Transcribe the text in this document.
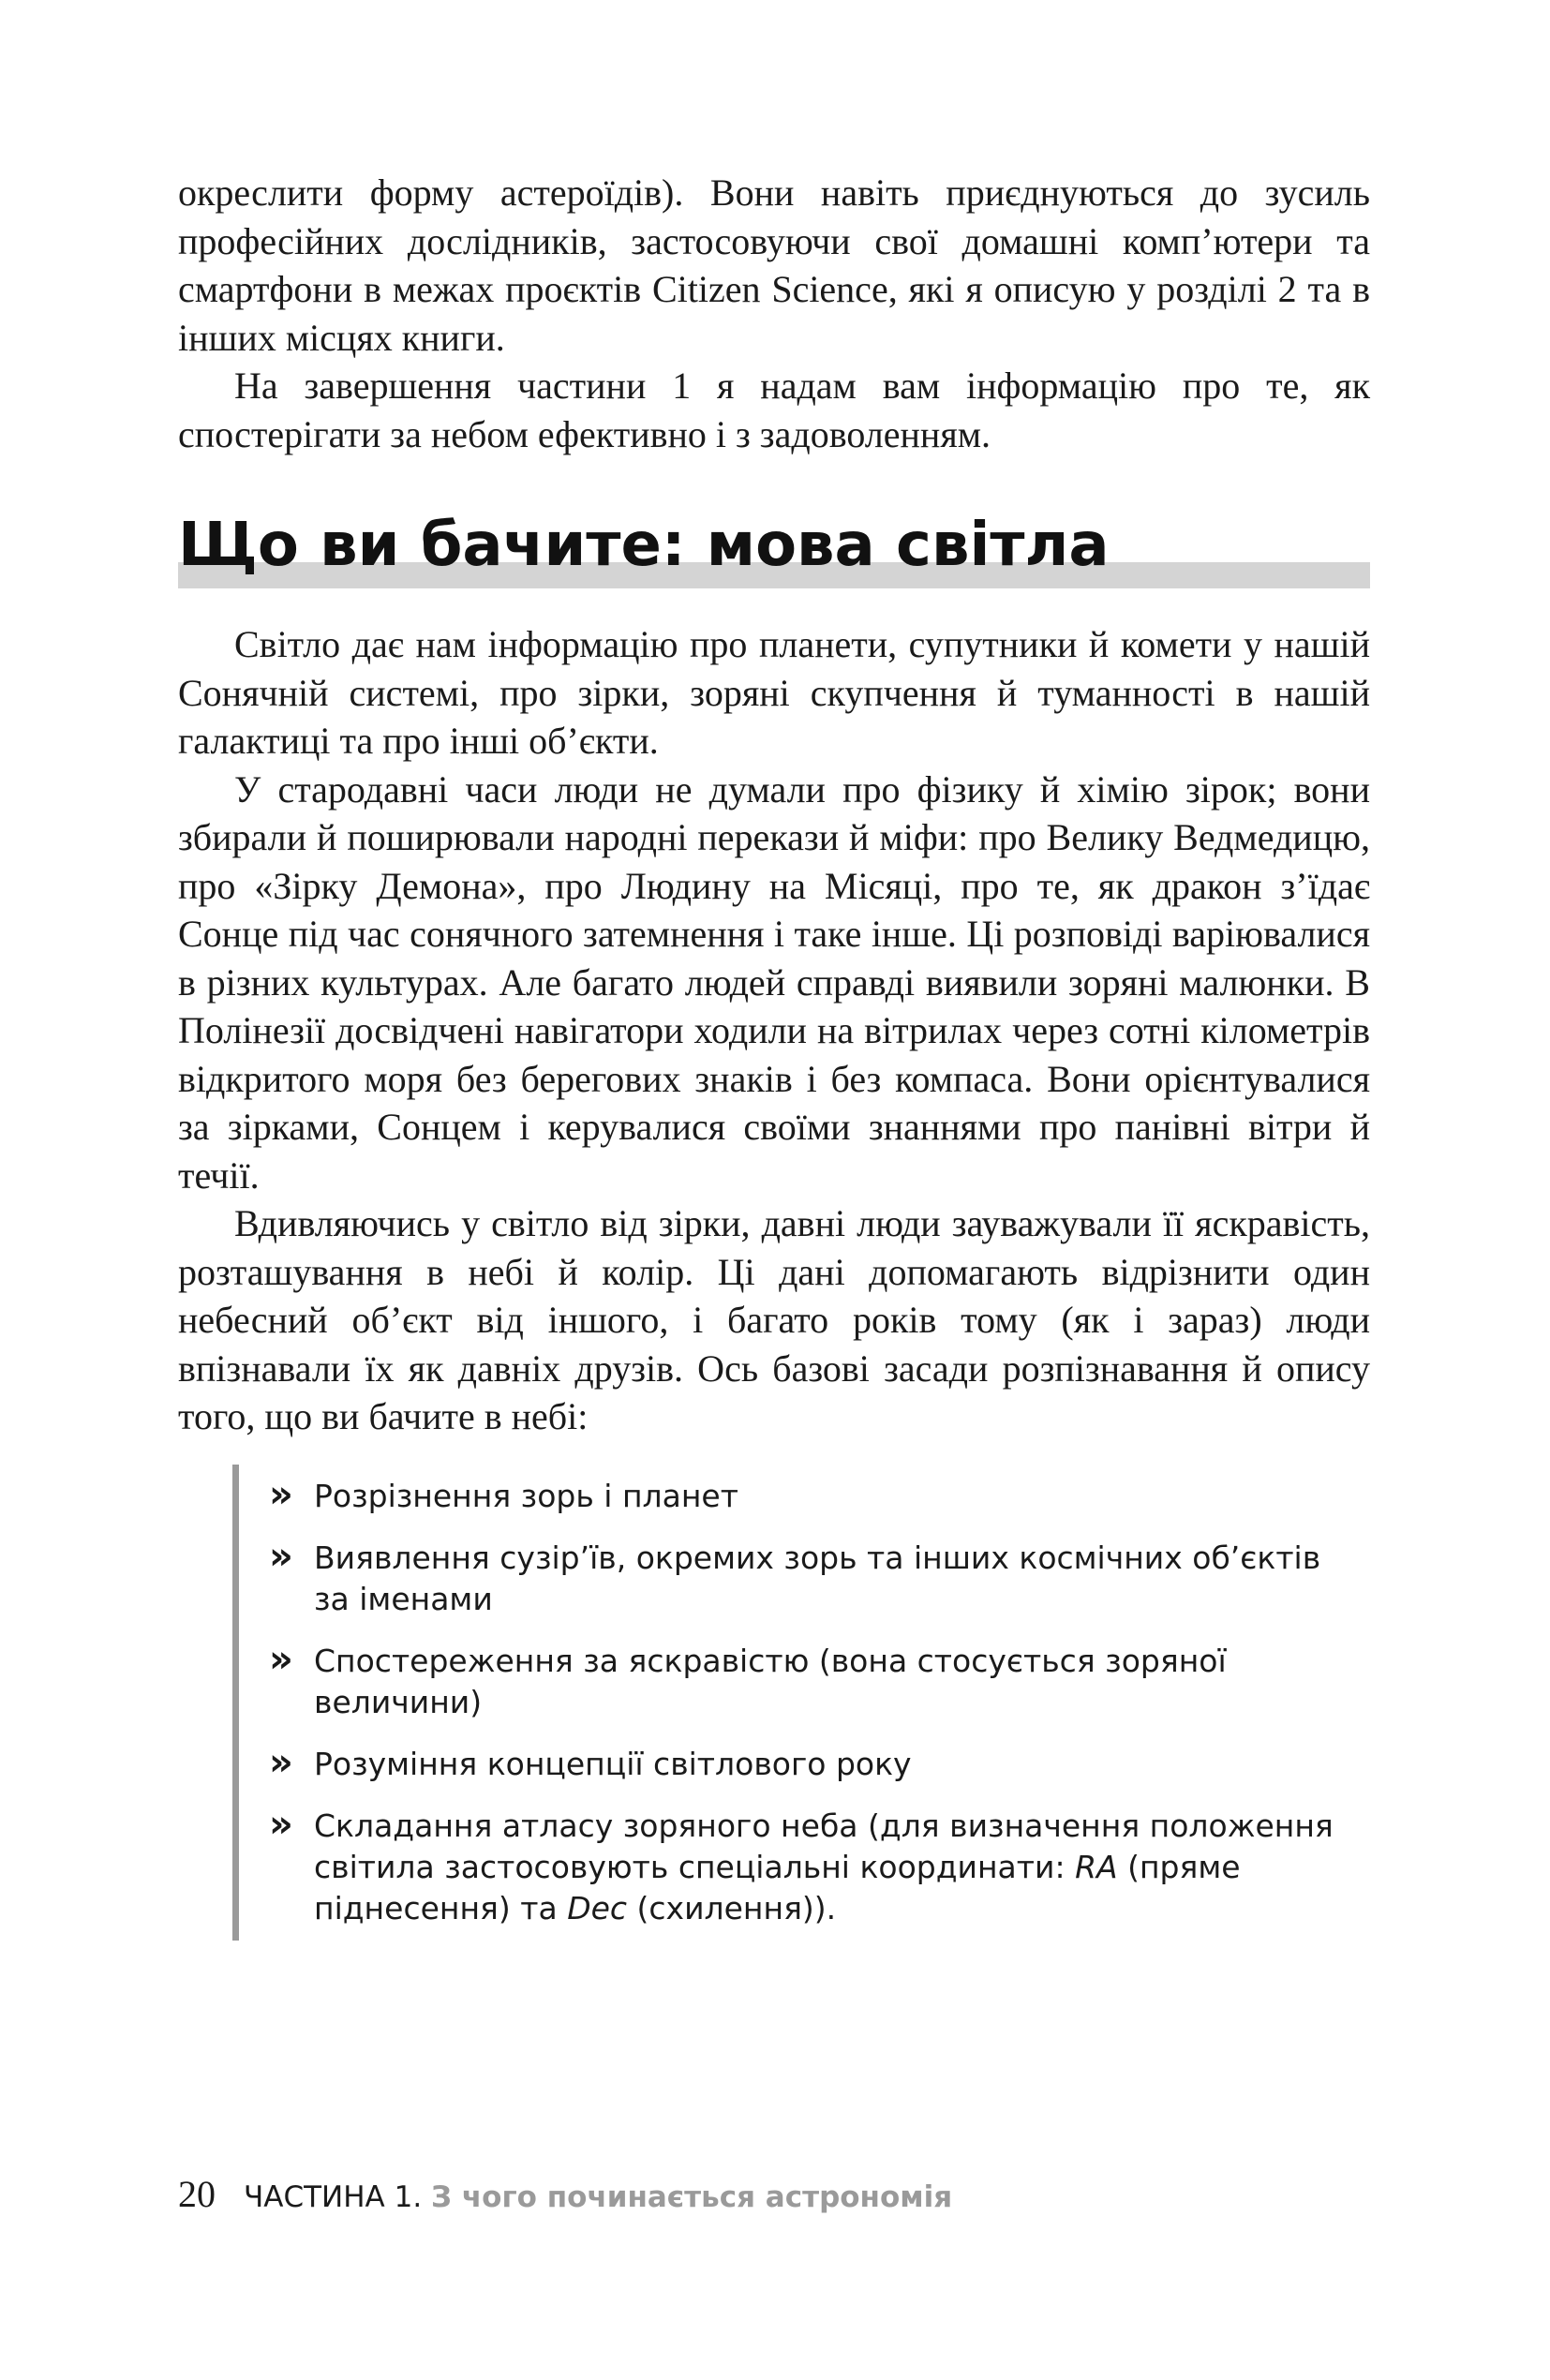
окреслити форму астероїдів). Вони навіть приєднуються до зусиль професійних дослідників, застосовуючи свої домашні комп’ютери та смартфони в межах проєктів Citizen Science, які я описую у розділі 2 та в інших місцях книги.

На завершення частини 1 я надам вам інформацію про те, як спостерігати за небом ефективно і з задоволенням.

Що ви бачите: мова світла

Світло дає нам інформацію про планети, супутники й комети у нашій Сонячній системі, про зірки, зоряні скупчення й туманності в нашій галактиці та про інші об’єкти.

У стародавні часи люди не думали про фізику й хімію зірок; вони збирали й поширювали народні перекази й міфи: про Велику Ведмедицю, про «Зірку Демона», про Людину на Місяці, про те, як дракон з’їдає Сонце під час сонячного затемнення і таке інше. Ці розповіді варіювалися в різних культурах. Але багато людей справді виявили зоряні малюнки. В Полінезії досвідчені навігатори ходили на вітрилах через сотні кілометрів відкритого моря без берегових знаків і без компаса. Вони орієнтувалися за зірками, Сонцем і керувалися своїми знаннями про панівні вітри й течії.

Вдивляючись у світло від зірки, давні люди зауважували її яскравість, розташування в небі й колір. Ці дані допомагають відрізнити один небесний об’єкт від іншого, і багато років тому (як і зараз) люди впізнавали їх як давніх друзів. Ось базові засади розпізнавання й опису того, що ви бачите в небі:

» Розрізнення зорь і планет
» Виявлення сузір’їв, окремих зорь та інших космічних об’єктів за іменами
» Спостереження за яскравістю (вона стосується зоряної величини)
» Розуміння концепції світлового року
» Складання атласу зоряного неба (для визначення положення світила застосовують спеціальні координати: RA (пряме піднесення) та Dec (схилення)).
20 ЧАСТИНА 1. З чого починається астрономія
